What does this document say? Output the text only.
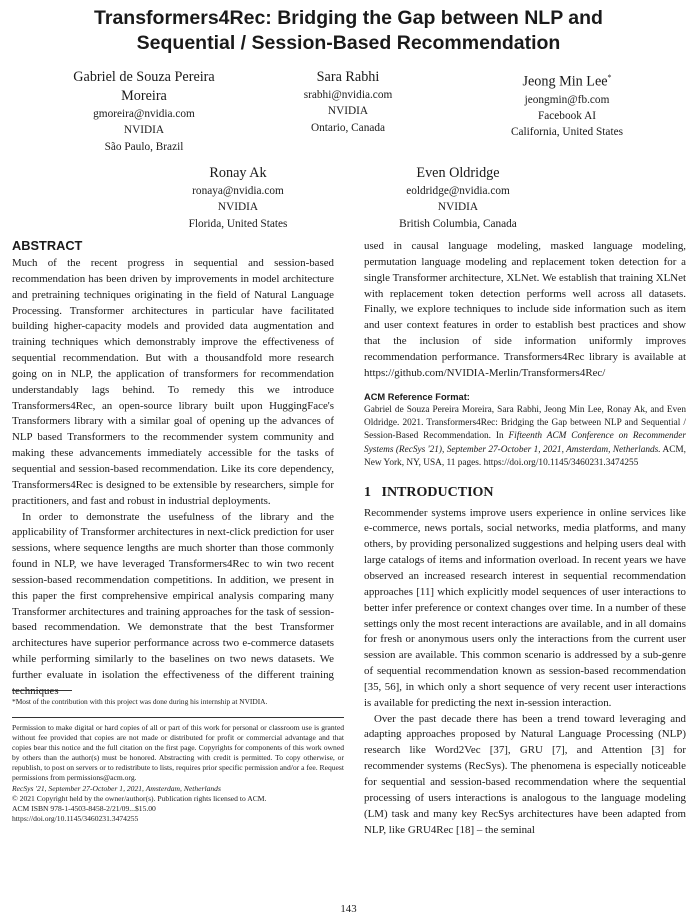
Transformers4Rec: Bridging the Gap between NLP and
Sequential / Session-Based Recommendation
Gabriel de Souza Pereira
Moreira
gmoreira@nvidia.com
NVIDIA
São Paulo, Brazil
Sara Rabhi
srabhi@nvidia.com
NVIDIA
Ontario, Canada
Jeong Min Lee*
jeongmin@fb.com
Facebook AI
California, United States
Ronay Ak
ronaya@nvidia.com
NVIDIA
Florida, United States
Even Oldridge
eoldridge@nvidia.com
NVIDIA
British Columbia, Canada
ABSTRACT

Much of the recent progress in sequential and session-based recommendation has been driven by improvements in model architecture and pretraining techniques originating in the field of Natural Language Processing. Transformer architectures in particular have facilitated building higher-capacity models and provided data augmentation and training techniques which demonstrably improve the effectiveness of sequential recommendation. But with a thousandfold more research going on in NLP, the application of transformers for recommendation understandably lags behind. To remedy this we introduce Transformers4Rec, an open-source library built upon HuggingFace's Transformers library with a similar goal of opening up the advances of NLP based Transformers to the recommender system community and making these advancements immediately accessible for the tasks of sequential and session-based recommendation. Like its core dependency, Transformers4Rec is designed to be extensible by researchers, simple for practitioners, and fast and robust in industrial deployments.

In order to demonstrate the usefulness of the library and the applicability of Transformer architectures in next-click prediction for user sessions, where sequence lengths are much shorter than those commonly found in NLP, we have leveraged Transformers4Rec to win two recent session-based recommendation competitions. In addition, we present in this paper the first comprehensive empirical analysis comparing many Transformer architectures and training approaches for the task of session-based recommendation. We demonstrate that the best Transformer architectures have superior performance across two e-commerce datasets while performing similarly to the baselines on two news datasets. We further evaluate in isolation the effectiveness of the different training techniques

*Most of the contribution with this project was done during his internship at NVIDIA.
Permission to make digital or hard copies of all or part of this work for personal or classroom use is granted without fee provided that copies are not made or distributed for profit or commercial advantage and that copies bear this notice and the full citation on the first page. Copyrights for components of this work owned by others than the author(s) must be honored. Abstracting with credit is permitted. To copy otherwise, or republish, to post on servers or to redistribute to lists, requires prior specific permission and/or a fee. Request permissions from permissions@acm.org.
RecSys '21, September 27-October 1, 2021, Amsterdam, Netherlands
© 2021 Copyright held by the owner/author(s). Publication rights licensed to ACM.
ACM ISBN 978-1-4503-8458-2/21/09...$15.00
https://doi.org/10.1145/3460231.3474255

used in causal language modeling, masked language modeling, permutation language modeling and replacement token detection for a single Transformer architecture, XLNet. We establish that training XLNet with replacement token detection performs well across all datasets. Finally, we explore techniques to include side information such as item and user context features in order to establish best practices and show that the inclusion of side information uniformly improves recommendation performance. Transformers4Rec library is available at https://github.com/NVIDIA-Merlin/Transformers4Rec/

ACM Reference Format:
Gabriel de Souza Pereira Moreira, Sara Rabhi, Jeong Min Lee, Ronay Ak, and Even Oldridge. 2021. Transformers4Rec: Bridging the Gap between NLP and Sequential / Session-Based Recommendation. In Fifteenth ACM Conference on Recommender Systems (RecSys '21), September 27-October 1, 2021, Amsterdam, Netherlands. ACM, New York, NY, USA, 11 pages. https://doi.org/10.1145/3460231.3474255
1   INTRODUCTION

Recommender systems improve users experience in online services like e-commerce, news portals, social networks, media platforms, and many others, by providing personalized suggestions and helping users deal with large catalogs of items and information overload. In recent years we have observed an increased research interest in sequential recommendation approaches [11] which explicitly model sequences of user interactions to better infer preference or context changes over time. In a number of these settings only the most recent interactions are available, and in all domains for fresh or anonymous users only the interactions from the current user session are available. This common scenario is addressed by a sub-genre of sequential recommendation known as session-based recommendation [35, 56], in which only a short sequence of very recent user interactions is available for predicting the next in-session interaction.

Over the past decade there has been a trend toward leveraging and adapting approaches proposed by Natural Language Processing (NLP) research like Word2Vec [37], GRU [7], and Attention [3] for recommender systems (RecSys). The phenomena is especially noticeable for sequential and session-based recommendation where the sequential processing of users interactions is analogous to the language modeling (LM) task and many key RecSys architectures have been adapted from NLP, like GRU4Rec [18] – the seminal

143
